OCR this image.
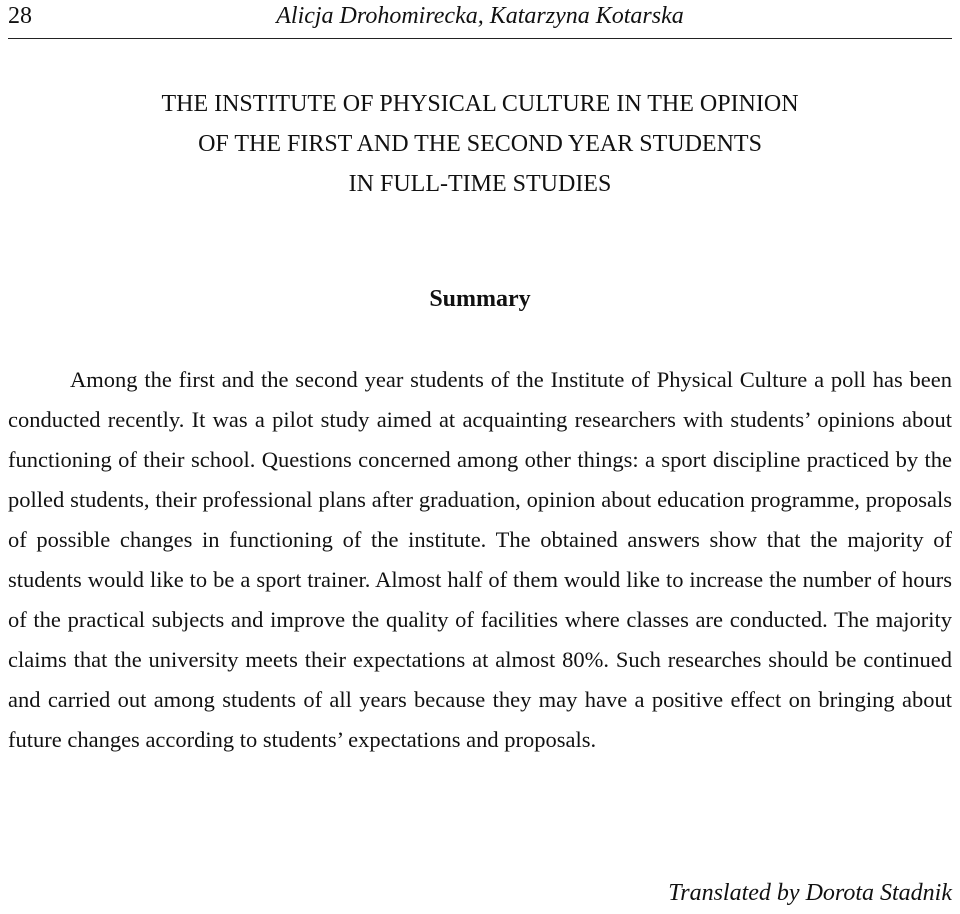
28	Alicja Drohomirecka, Katarzyna Kotarska
THE INSTITUTE OF PHYSICAL CULTURE IN THE OPINION
OF THE FIRST AND THE SECOND YEAR STUDENTS
IN FULL-TIME STUDIES
Summary

Among the first and the second year students of the Institute of Physical Culture a poll has been conducted recently. It was a pilot study aimed at acquainting researchers with students’ opinions about functioning of their school. Questions concerned among other things: a sport discipline practiced by the polled students, their professional plans after graduation, opinion about education programme, proposals of possible changes in functioning of the institute. The obtained answers show that the majority of students would like to be a sport trainer. Almost half of them would like to increase the number of hours of the practical subjects and improve the quality of facilities where classes are conducted. The majority claims that the university meets their expectations at almost 80%. Such researches should be continued and carried out among students of all years because they may have a positive effect on bringing about future changes according to students’ expectations and proposals.

Translated by Dorota Stadnik
